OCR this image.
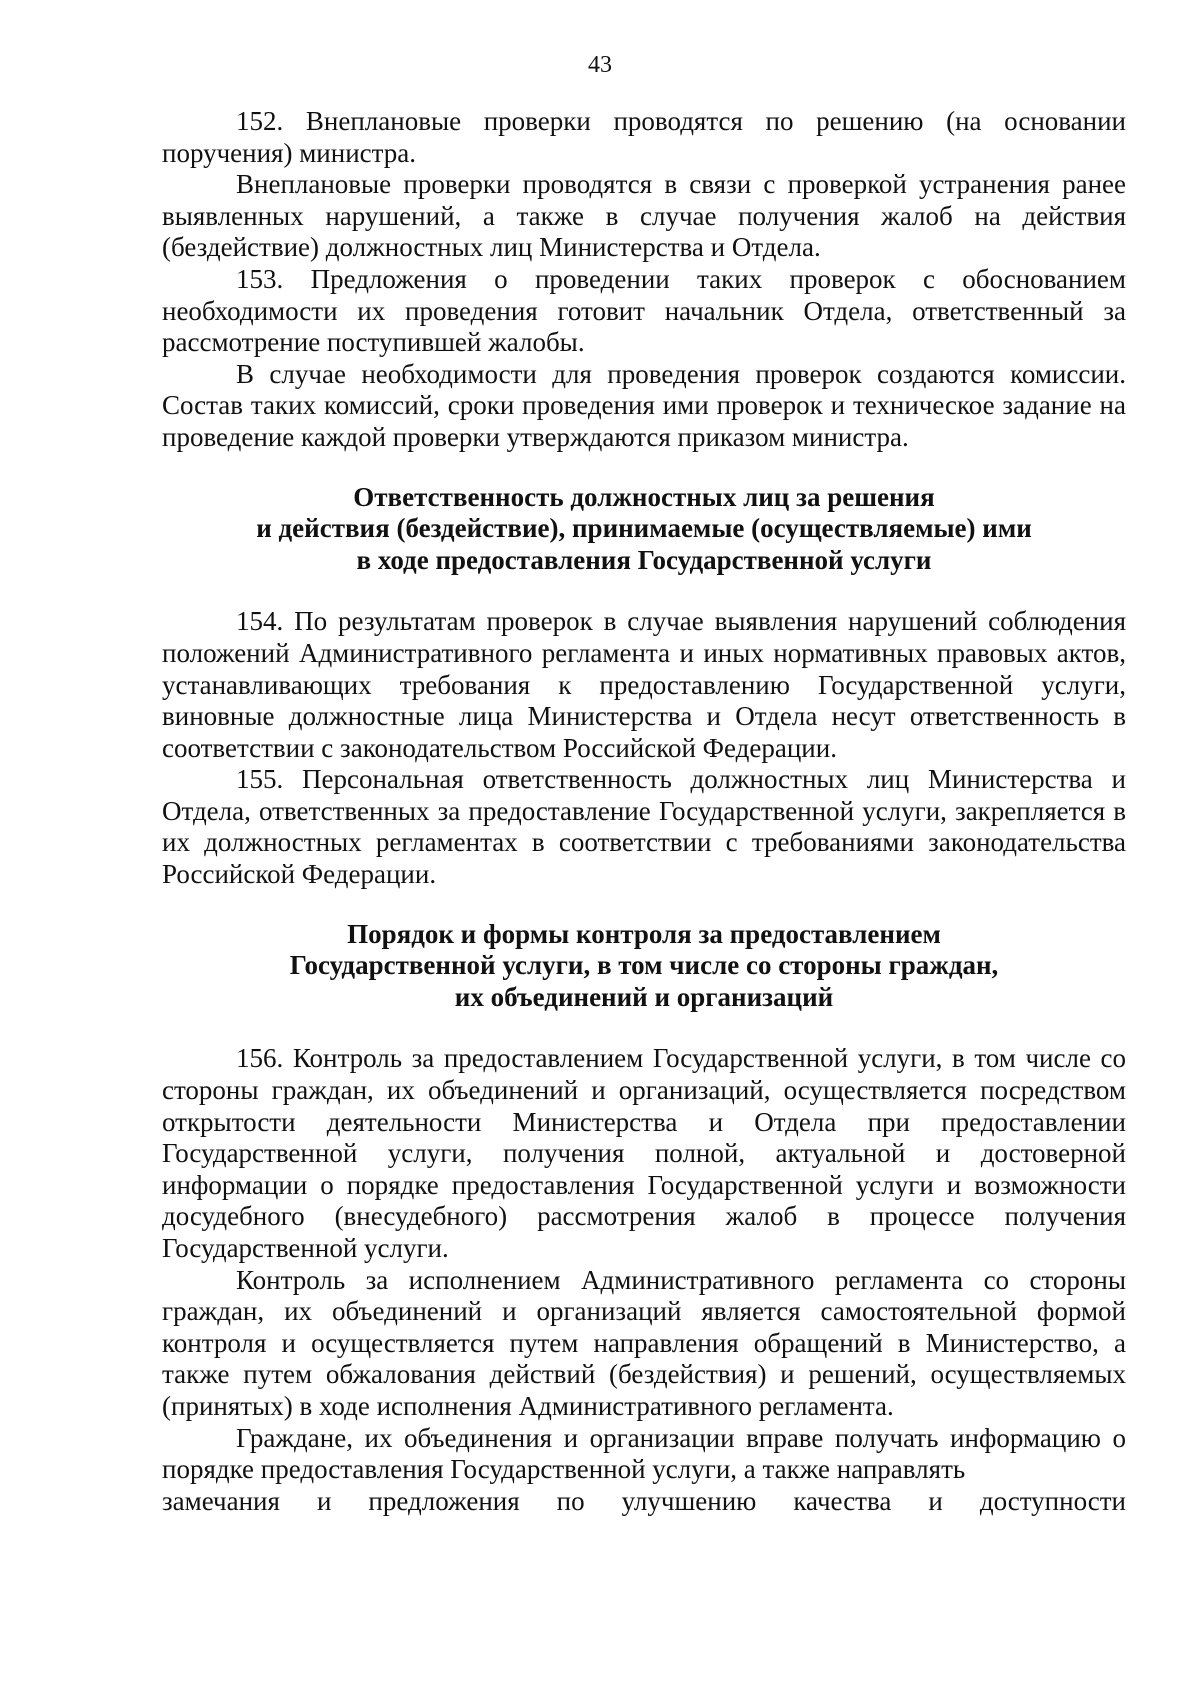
43

152. Внеплановые проверки проводятся по решению (на основании поручения) министра.

Внеплановые проверки проводятся в связи с проверкой устранения ранее выявленных нарушений, а также в случае получения жалоб на действия (бездействие) должностных лиц Министерства и Отдела.

153. Предложения о проведении таких проверок с обоснованием необходимости их проведения готовит начальник Отдела, ответственный за рассмотрение поступившей жалобы.

В случае необходимости для проведения проверок создаются комиссии. Состав таких комиссий, сроки проведения ими проверок и техническое задание на проведение каждой проверки утверждаются приказом министра.

Ответственность должностных лиц за решения
и действия (бездействие), принимаемые (осуществляемые) ими
в ходе предоставления Государственной услуги

154. По результатам проверок в случае выявления нарушений соблюдения положений Административного регламента и иных нормативных правовых актов, устанавливающих требования к предоставлению Государственной услуги, виновные должностные лица Министерства и Отдела несут ответственность в соответствии с законодательством Российской Федерации.

155. Персональная ответственность должностных лиц Министерства и Отдела, ответственных за предоставление Государственной услуги, закрепляется в их должностных регламентах в соответствии с требованиями законодательства Российской Федерации.

Порядок и формы контроля за предоставлением
Государственной услуги, в том числе со стороны граждан,
их объединений и организаций

156. Контроль за предоставлением Государственной услуги, в том числе со стороны граждан, их объединений и организаций, осуществляется посредством открытости деятельности Министерства и Отдела при предоставлении Государственной услуги, получения полной, актуальной и достоверной информации о порядке предоставления Государственной услуги и возможности досудебного (внесудебного) рассмотрения жалоб в процессе получения Государственной услуги.

Контроль за исполнением Административного регламента со стороны граждан, их объединений и организаций является самостоятельной формой контроля и осуществляется путем направления обращений в Министерство, а также путем обжалования действий (бездействия) и решений, осуществляемых (принятых) в ходе исполнения Административного регламента.

Граждане, их объединения и организации вправе получать информацию о порядке предоставления Государственной услуги, а также направлять

замечания и предложения по улучшению качества и доступности
